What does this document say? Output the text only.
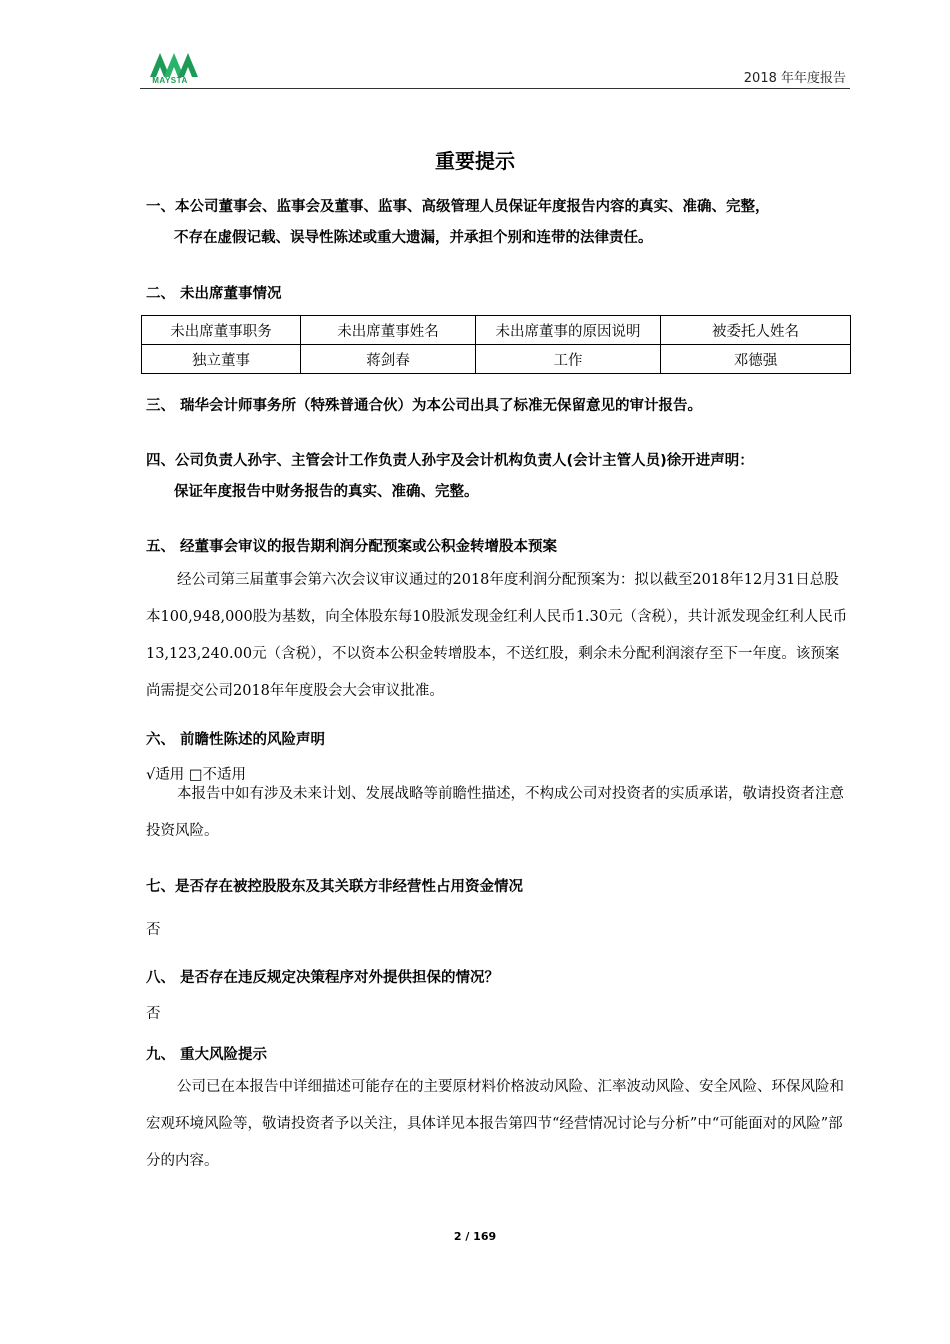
MAYSTA	2018 年年度报告
重要提示
一、本公司董事会、监事会及董事、监事、高级管理人员保证年度报告内容的真实、准确、完整，
不存在虚假记载、误导性陈述或重大遗漏，并承担个别和连带的法律责任。
二、 未出席董事情况
未出席董事职务	未出席董事姓名	未出席董事的原因说明	被委托人姓名
独立董事	蒋剑春	工作	邓德强
三、 瑞华会计师事务所（特殊普通合伙）为本公司出具了标准无保留意见的审计报告。
四、公司负责人孙宇、主管会计工作负责人孙宇及会计机构负责人(会计主管人员)徐开进声明：
保证年度报告中财务报告的真实、准确、完整。
五、 经董事会审议的报告期利润分配预案或公积金转增股本预案
经公司第三届董事会第六次会议审议通过的2018年度利润分配预案为：拟以截至2018年12月31日总股本100,948,000股为基数，向全体股东每10股派发现金红利人民币1.30元（含税），共计派发现金红利人民币13,123,240.00元（含税），不以资本公积金转增股本，不送红股，剩余未分配利润滚存至下一年度。该预案尚需提交公司2018年年度股会大会审议批准。
六、 前瞻性陈述的风险声明
√适用 □不适用
本报告中如有涉及未来计划、发展战略等前瞻性描述，不构成公司对投资者的实质承诺，敬请投资者注意投资风险。
七、是否存在被控股股东及其关联方非经营性占用资金情况
否
八、 是否存在违反规定决策程序对外提供担保的情况？
否
九、 重大风险提示
公司已在本报告中详细描述可能存在的主要原材料价格波动风险、汇率波动风险、安全风险、环保风险和宏观环境风险等，敬请投资者予以关注，具体详见本报告第四节“经营情况讨论与分析”中“可能面对的风险”部分的内容。
2 / 169
